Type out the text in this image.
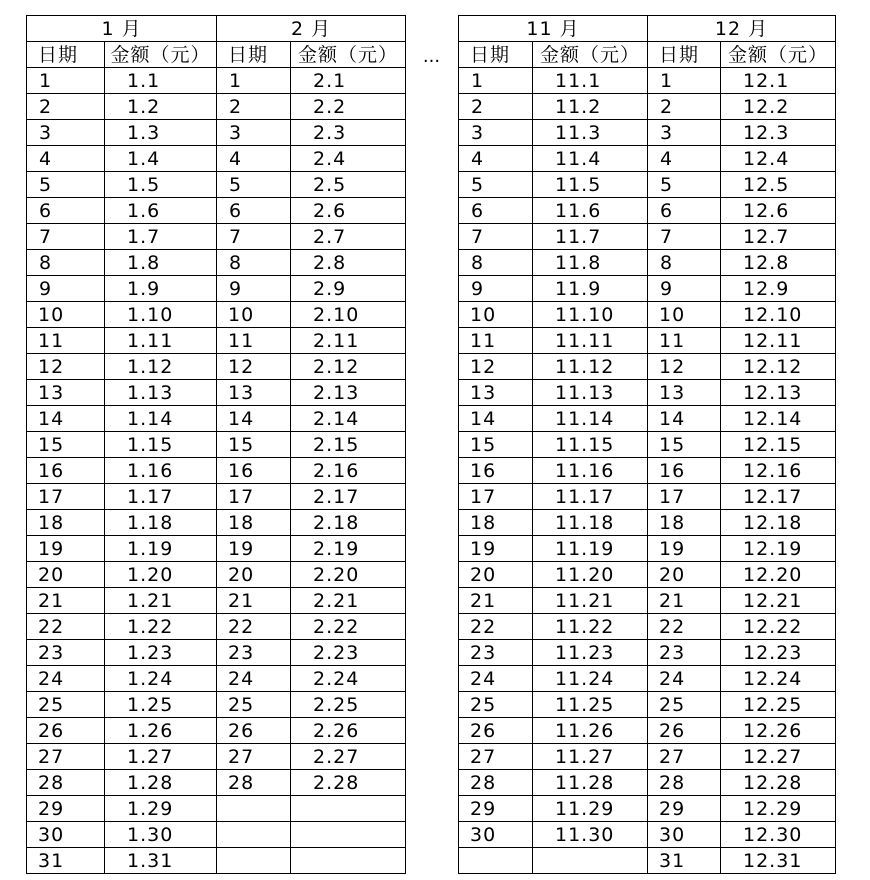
1 月	
日期	金额（元）
1	1.1
2	1.2
3	1.3
4	1.4
5	1.5
6	1.6
7	1.7
8	1.8
9	1.9
10	1.10
11	1.11
12	1.12
13	1.13
14	1.14
15	1.15
16	1.16
17	1.17
18	1.18
19	1.19
20	1.20
21	1.21
22	1.22
23	1.23
24	1.24
25	1.25
26	1.26
27	1.27
28	1.28
29	1.29
30	1.30
31	1.31
2 月	
日期	金额（元）
1	2.1
2	2.2
3	2.3
4	2.4
5	2.5
6	2.6
7	2.7
8	2.8
9	2.9
10	2.10
11	2.11
12	2.12
13	2.13
14	2.14
15	2.15
16	2.16
17	2.17
18	2.18
19	2.19
20	2.20
21	2.21
22	2.22
23	2.23
24	2.24
25	2.25
26	2.26
27	2.27
28	2.28

···
11 月	
日期	金额（元）
1	11.1
2	11.2
3	11.3
4	11.4
5	11.5
6	11.6
7	11.7
8	11.8
9	11.9
10	11.10
11	11.11
12	11.12
13	11.13
14	11.14
15	11.15
16	11.16
17	11.17
18	11.18
19	11.19
20	11.20
21	11.21
22	11.22
23	11.23
24	11.24
25	11.25
26	11.26
27	11.27
28	11.28
29	11.29
30	11.30

12 月	
日期	金额（元）
1	12.1
2	12.2
3	12.3
4	12.4
5	12.5
6	12.6
7	12.7
8	12.8
9	12.9
10	12.10
11	12.11
12	12.12
13	12.13
14	12.14
15	12.15
16	12.16
17	12.17
18	12.18
19	12.19
20	12.20
21	12.21
22	12.22
23	12.23
24	12.24
25	12.25
26	12.26
27	12.27
28	12.28
29	12.29
30	12.30
31	12.31
